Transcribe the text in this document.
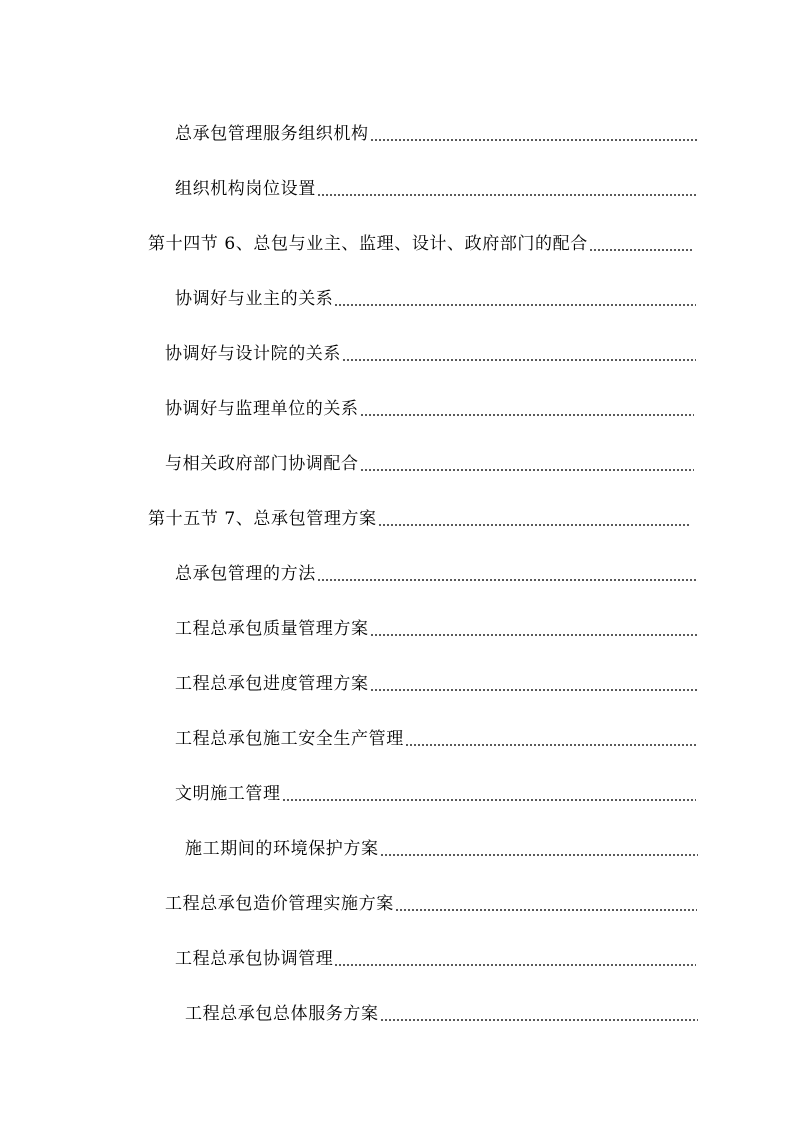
总承包管理服务组织机构
组织机构岗位设置
第十四节 6、总包与业主、监理、设计、政府部门的配合
协调好与业主的关系
协调好与设计院的关系
协调好与监理单位的关系
与相关政府部门协调配合
第十五节 7、总承包管理方案
总承包管理的方法
工程总承包质量管理方案
工程总承包进度管理方案
工程总承包施工安全生产管理
文明施工管理
施工期间的环境保护方案
工程总承包造价管理实施方案
工程总承包协调管理
工程总承包总体服务方案
